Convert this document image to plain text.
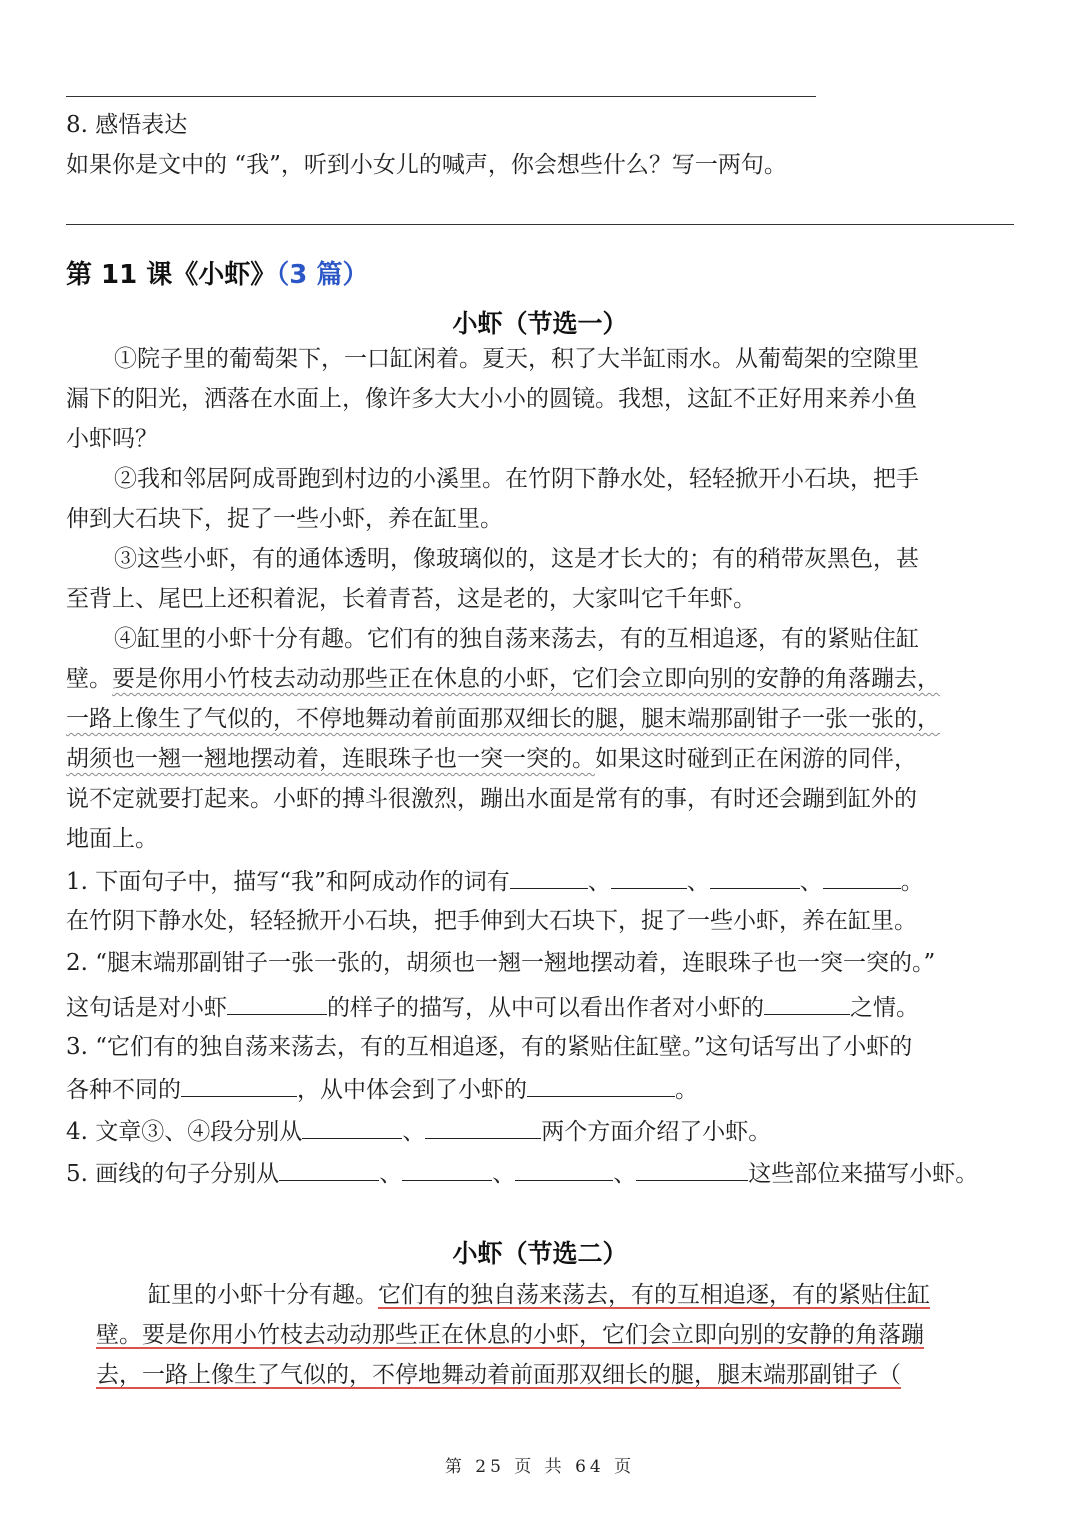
8. 感悟表达
如果你是文中的 “我”，听到小女儿的喊声，你会想些什么？写一两句。
第 11 课《小虾》（3 篇）
小虾（节选一）
①院子里的葡萄架下，一口缸闲着。夏天，积了大半缸雨水。从葡萄架的空隙里
漏下的阳光，洒落在水面上，像许多大大小小的圆镜。我想，这缸不正好用来养小鱼
小虾吗？
②我和邻居阿成哥跑到村边的小溪里。在竹阴下静水处，轻轻掀开小石块，把手
伸到大石块下，捉了一些小虾，养在缸里。
③这些小虾，有的通体透明，像玻璃似的，这是才长大的；有的稍带灰黑色，甚
至背上、尾巴上还积着泥，长着青苔，这是老的，大家叫它千年虾。
④缸里的小虾十分有趣。它们有的独自荡来荡去，有的互相追逐，有的紧贴住缸
壁。要是你用小竹枝去动动那些正在休息的小虾，它们会立即向别的安静的角落蹦去，
一路上像生了气似的，不停地舞动着前面那双细长的腿，腿末端那副钳子一张一张的，
胡须也一翘一翘地摆动着，连眼珠子也一突一突的。如果这时碰到正在闲游的同伴，
说不定就要打起来。小虾的搏斗很激烈，蹦出水面是常有的事，有时还会蹦到缸外的
地面上。
1. 下面句子中，描写“我”和阿成动作的词有	、	、	、	。
在竹阴下静水处，轻轻掀开小石块，把手伸到大石块下，捉了一些小虾，养在缸里。
2. “腿末端那副钳子一张一张的，胡须也一翘一翘地摆动着，连眼珠子也一突一突的。”
这句话是对小虾	的样子的描写，从中可以看出作者对小虾的	之情。
3. “它们有的独自荡来荡去，有的互相追逐，有的紧贴住缸壁。”这句话写出了小虾的
各种不同的	，从中体会到了小虾的	。
4. 文章③、④段分别从	、	两个方面介绍了小虾。
5. 画线的句子分别从	、	、	、	这些部位来描写小虾。
小虾（节选二）
缸里的小虾十分有趣。它们有的独自荡来荡去，有的互相追逐，有的紧贴住缸
壁。要是你用小竹枝去动动那些正在休息的小虾，它们会立即向别的安静的角落蹦
去，一路上像生了气似的，不停地舞动着前面那双细长的腿，腿末端那副钳子（
第 25 页 共 64 页
